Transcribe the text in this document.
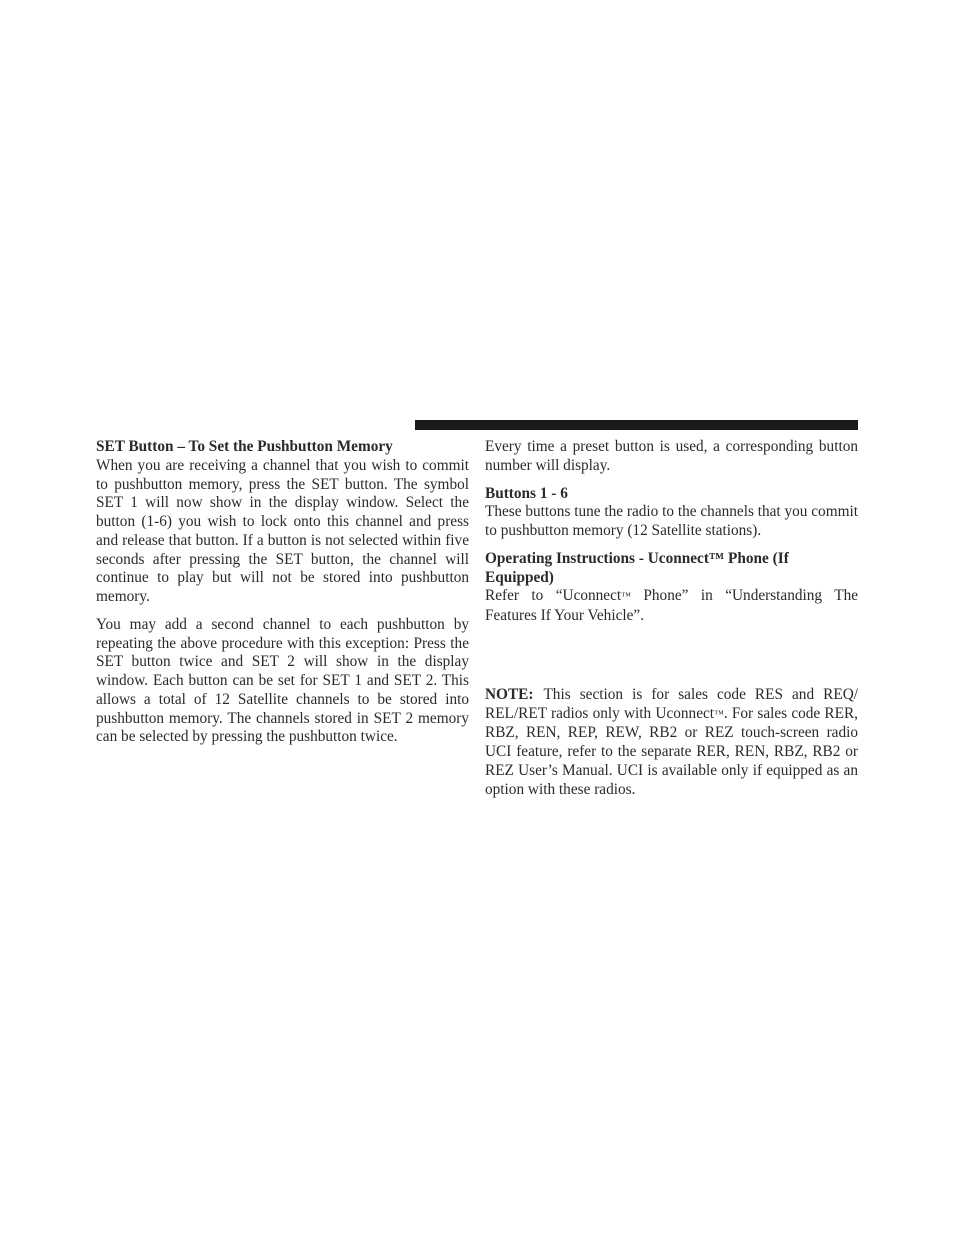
SET Button – To Set the Pushbutton Memory

When you are receiving a channel that you wish to commit to pushbutton memory, press the SET button. The symbol SET 1 will now show in the display window. Select the button (1-6) you wish to lock onto this channel and press and release that button. If a button is not selected within five seconds after pressing the SET button, the channel will continue to play but will not be stored into pushbutton memory.

You may add a second channel to each pushbutton by repeating the above procedure with this exception: Press the SET button twice and SET 2 will show in the display window. Each button can be set for SET 1 and SET 2. This allows a total of 12 Satellite channels to be stored into pushbutton memory. The channels stored in SET 2 memory can be selected by pressing the pushbutton twice.

Every time a preset button is used, a corresponding button number will display.

Buttons 1 - 6

These buttons tune the radio to the channels that you commit to pushbutton memory (12 Satellite stations).

Operating Instructions - Uconnect™ Phone (If Equipped)

Refer to “Uconnect™ Phone” in “Understanding The Features If Your Vehicle”.

NOTE: This section is for sales code RES and REQ/ REL/RET radios only with Uconnect™. For sales code RER, RBZ, REN, REP, REW, RB2 or REZ touch-screen radio UCI feature, refer to the separate RER, REN, RBZ, RB2 or REZ User’s Manual. UCI is available only if equipped as an option with these radios.
